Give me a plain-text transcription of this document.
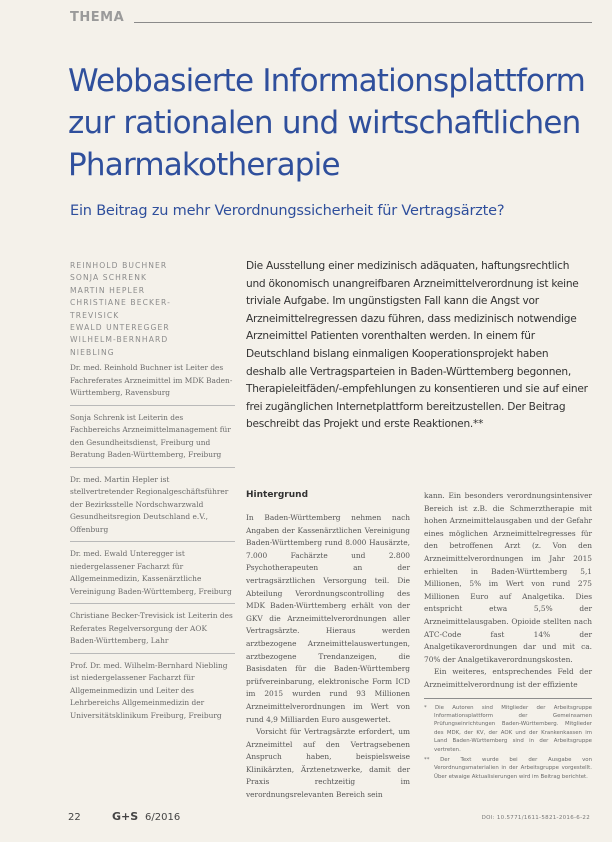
THEMA
Webbasierte Informationsplattform zur rationalen und wirtschaftlichen Pharmakotherapie
Ein Beitrag zu mehr Verordnungssicherheit für Vertragsärzte?
REINHOLD BUCHNER
SONJA SCHRENK
MARTIN HEPLER
CHRISTIANE BECKER-
TREVISICK
EWALD UNTEREGGER
WILHELM-BERNHARD
NIEBLING
Dr. med. Reinhold Buchner ist Leiter des Fachreferates Arzneimittel im MDK Baden-Württemberg, Ravensburg
Sonja Schrenk ist Leiterin des Fachbereichs Arzneimittelmanagement für den Gesundheitsdienst, Freiburg und Beratung Baden-Württemberg, Freiburg
Dr. med. Martin Hepler ist stellvertretender Regionalgeschäftsführer der Bezirksstelle Nordschwarzwald Gesundheitsregion Deutschland e.V., Offenburg
Dr. med. Ewald Unteregger ist niedergelassener Facharzt für Allgemeinmedizin, Kassenärztliche Vereinigung Baden-Württemberg, Freiburg
Christiane Becker-Trevisick ist Leiterin des Referates Regelversorgung der AOK Baden-Württemberg, Lahr
Prof. Dr. med. Wilhelm-Bernhard Niebling ist niedergelassener Facharzt für Allgemeinmedizin und Leiter des Lehrbereichs Allgemeinmedizin der Universitätsklinikum Freiburg, Freiburg
Die Ausstellung einer medizinisch adäquaten, haftungsrechtlich und ökonomisch unangreifbaren Arzneimittelverordnung ist keine triviale Aufgabe. Im ungünstigsten Fall kann die Angst vor Arzneimittelregressen dazu führen, dass medizinisch notwendige Arzneimittel Patienten vorenthalten werden. In einem für Deutschland bislang einmaligen Kooperationsprojekt haben deshalb alle Vertragsparteien in Baden-Württemberg begonnen, Therapieleitfäden/-empfehlungen zu konsentieren und sie auf einer frei zugänglichen Internetplattform bereitzustellen. Der Beitrag beschreibt das Projekt und erste Reaktionen.**
Hintergrund

In Baden-Württemberg nehmen nach Angaben der Kassenärztlichen Vereinigung Baden-Württemberg rund 8.000 Hausärzte, 7.000 Fachärzte und 2.800 Psychotherapeuten an der vertragsärztlichen Versorgung teil. Die Abteilung Verordnungscontrolling des MDK Baden-Württemberg erhält von der GKV die Arzneimittelverordnungen aller Vertragsärzte. Hieraus werden arztbezogene Arzneimittelauswertungen, arztbezogene Trendanzeigen, die Basisdaten für die Baden-Württemberg prüfvereinbarung, elektronische Form ICD im 2015 wurden rund 93 Millionen Arzneimittelverordnungen im Wert von rund 4,9 Milliarden Euro ausgewertet.

Vorsicht für Vertragsärzte erfordert, um Arzneimittel auf den Vertragsebenen Anspruch haben, beispielsweise Klinikärzten, Ärztenetzwerke, damit der Praxis rechtzeitig im verordnungsrelevanten Bereich sein

kann. Ein besonders verordnungsintensiver Bereich ist z.B. die Schmerztherapie mit hohen Arzneimittelausgaben und der Gefahr eines möglichen Arzneimittelregresses für den betroffenen Arzt (z. Von den Arzneimittelverordnungen im Jahr 2015 erhielten in Baden-Württemberg 5,1 Millionen, 5% im Wert von rund 275 Millionen Euro auf Analgetika. Dies entspricht etwa 5,5% der Arzneimittelausgaben. Opioide stellten nach ATC-Code fast 14% der Analgetikaverordnungen dar und mit ca. 70% der Analgetikaverordnungskosten.

Ein weiteres, entsprechendes Feld der Arzneimittelverordnung ist der effiziente

* Die Autoren sind Mitglieder der Arbeitsgruppe Informationsplattform der Gemeinsamen Prüfungseinrichtungen Baden-Württemberg. Mitglieder des MDK, der KV, der AOK und der Krankenkassen im Land Baden-Württemberg sind in der Arbeitsgruppe vertreten.
** Der Text wurde bei der Ausgabe von Verordnungsmaterialien in der Arbeitsgruppe vorgestellt. Über etwaige Aktualisierungen wird im Beitrag berichtet.
22	G+S 6/2016	DOI: 10.5771/1611-5821-2016-6-22
